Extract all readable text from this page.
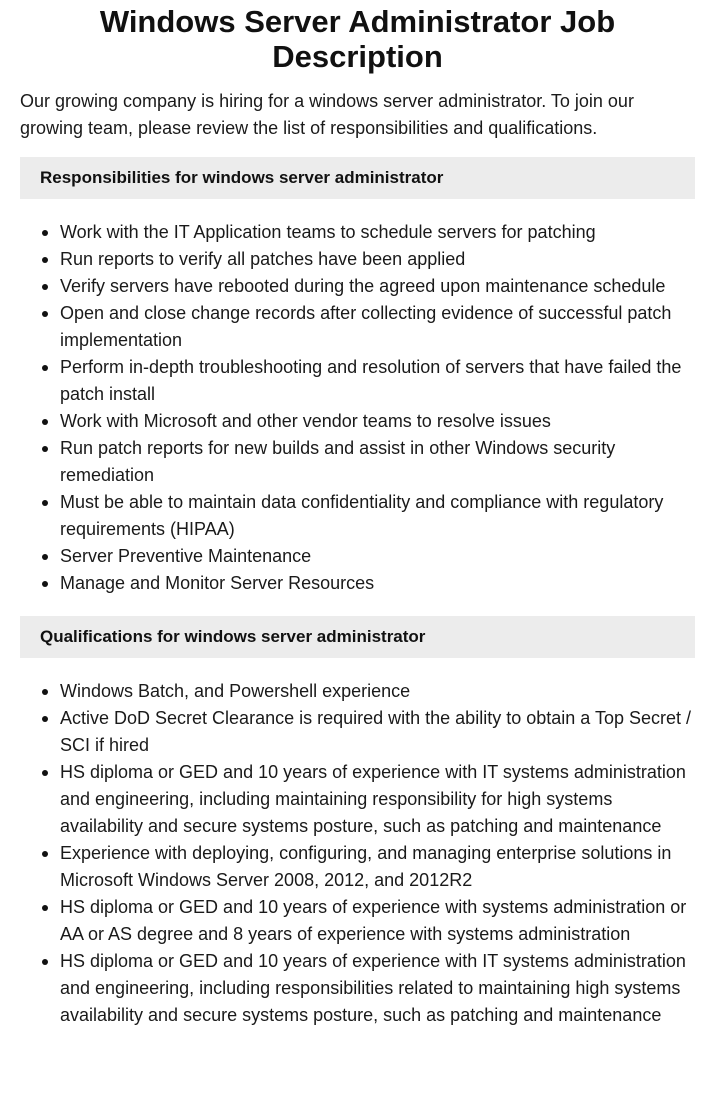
Windows Server Administrator Job Description

Our growing company is hiring for a windows server administrator. To join our growing team, please review the list of responsibilities and qualifications.

Responsibilities for windows server administrator
Work with the IT Application teams to schedule servers for patching
Run reports to verify all patches have been applied
Verify servers have rebooted during the agreed upon maintenance schedule
Open and close change records after collecting evidence of successful patch implementation
Perform in-depth troubleshooting and resolution of servers that have failed the patch install
Work with Microsoft and other vendor teams to resolve issues
Run patch reports for new builds and assist in other Windows security remediation
Must be able to maintain data confidentiality and compliance with regulatory requirements (HIPAA)
Server Preventive Maintenance
Manage and Monitor Server Resources
Qualifications for windows server administrator
Windows Batch, and Powershell experience
Active DoD Secret Clearance is required with the ability to obtain a Top Secret / SCI if hired
HS diploma or GED and 10 years of experience with IT systems administration and engineering, including maintaining responsibility for high systems availability and secure systems posture, such as patching and maintenance
Experience with deploying, configuring, and managing enterprise solutions in Microsoft Windows Server 2008, 2012, and 2012R2
HS diploma or GED and 10 years of experience with systems administration or AA or AS degree and 8 years of experience with systems administration
HS diploma or GED and 10 years of experience with IT systems administration and engineering, including responsibilities related to maintaining high systems availability and secure systems posture, such as patching and maintenance
